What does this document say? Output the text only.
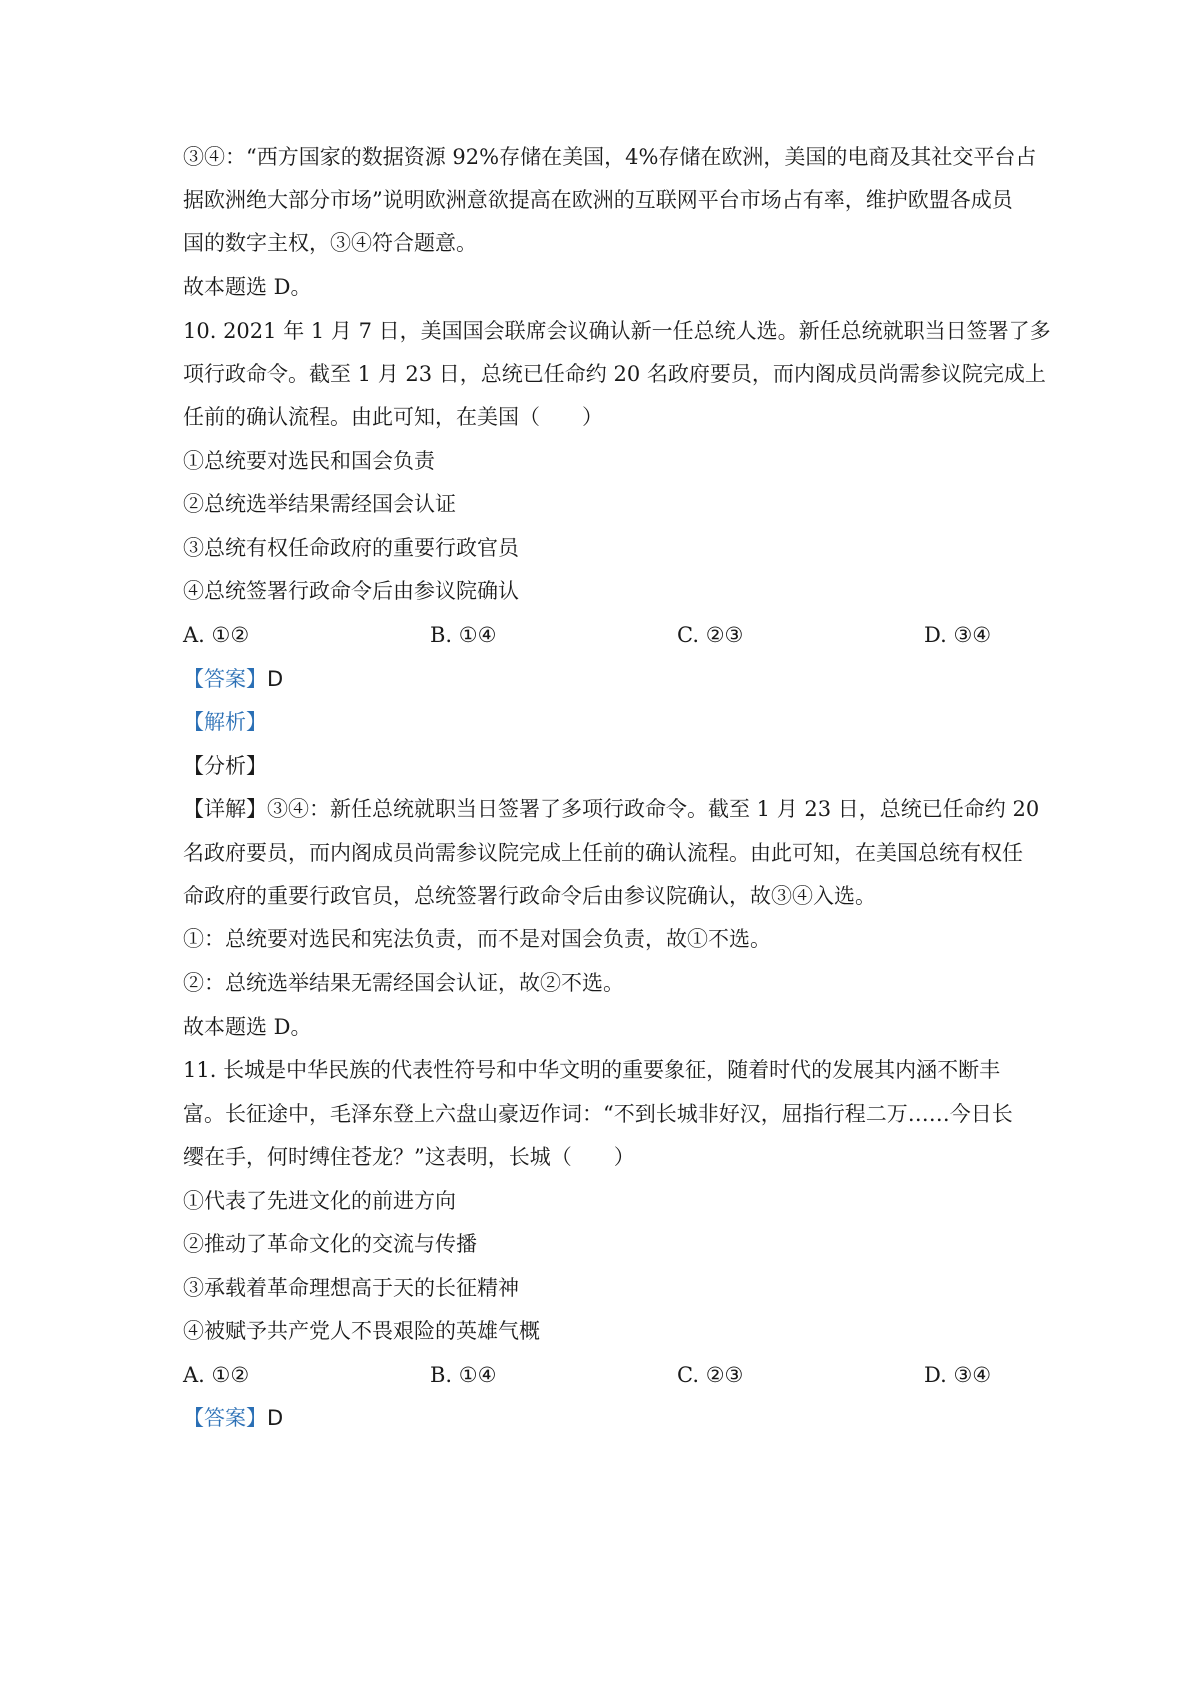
③④：“西方国家的数据资源 92%存储在美国，4%存储在欧洲，美国的电商及其社交平台占
据欧洲绝大部分市场”说明欧洲意欲提高在欧洲的互联网平台市场占有率，维护欧盟各成员
国的数字主权，③④符合题意。
故本题选 D。
10. 2021 年 1 月 7 日，美国国会联席会议确认新一任总统人选。新任总统就职当日签署了多
项行政命令。截至 1 月 23 日，总统已任命约 20 名政府要员，而内阁成员尚需参议院完成上
任前的确认流程。由此可知，在美国（　　）
①总统要对选民和国会负责
②总统选举结果需经国会认证
③总统有权任命政府的重要行政官员
④总统签署行政命令后由参议院确认
A. ①②	B. ①④	C. ②③	D. ③④
【答案】D
【解析】
【分析】
【详解】③④：新任总统就职当日签署了多项行政命令。截至 1 月 23 日，总统已任命约 20
名政府要员，而内阁成员尚需参议院完成上任前的确认流程。由此可知，在美国总统有权任
命政府的重要行政官员，总统签署行政命令后由参议院确认，故③④入选。
①：总统要对选民和宪法负责，而不是对国会负责，故①不选。
②：总统选举结果无需经国会认证，故②不选。
故本题选 D。
11. 长城是中华民族的代表性符号和中华文明的重要象征，随着时代的发展其内涵不断丰
富。长征途中，毛泽东登上六盘山豪迈作词：“不到长城非好汉，屈指行程二万……今日长
缨在手，何时缚住苍龙？”这表明，长城（　　）
①代表了先进文化的前进方向
②推动了革命文化的交流与传播
③承载着革命理想高于天的长征精神
④被赋予共产党人不畏艰险的英雄气概
A. ①②	B. ①④	C. ②③	D. ③④
【答案】D
